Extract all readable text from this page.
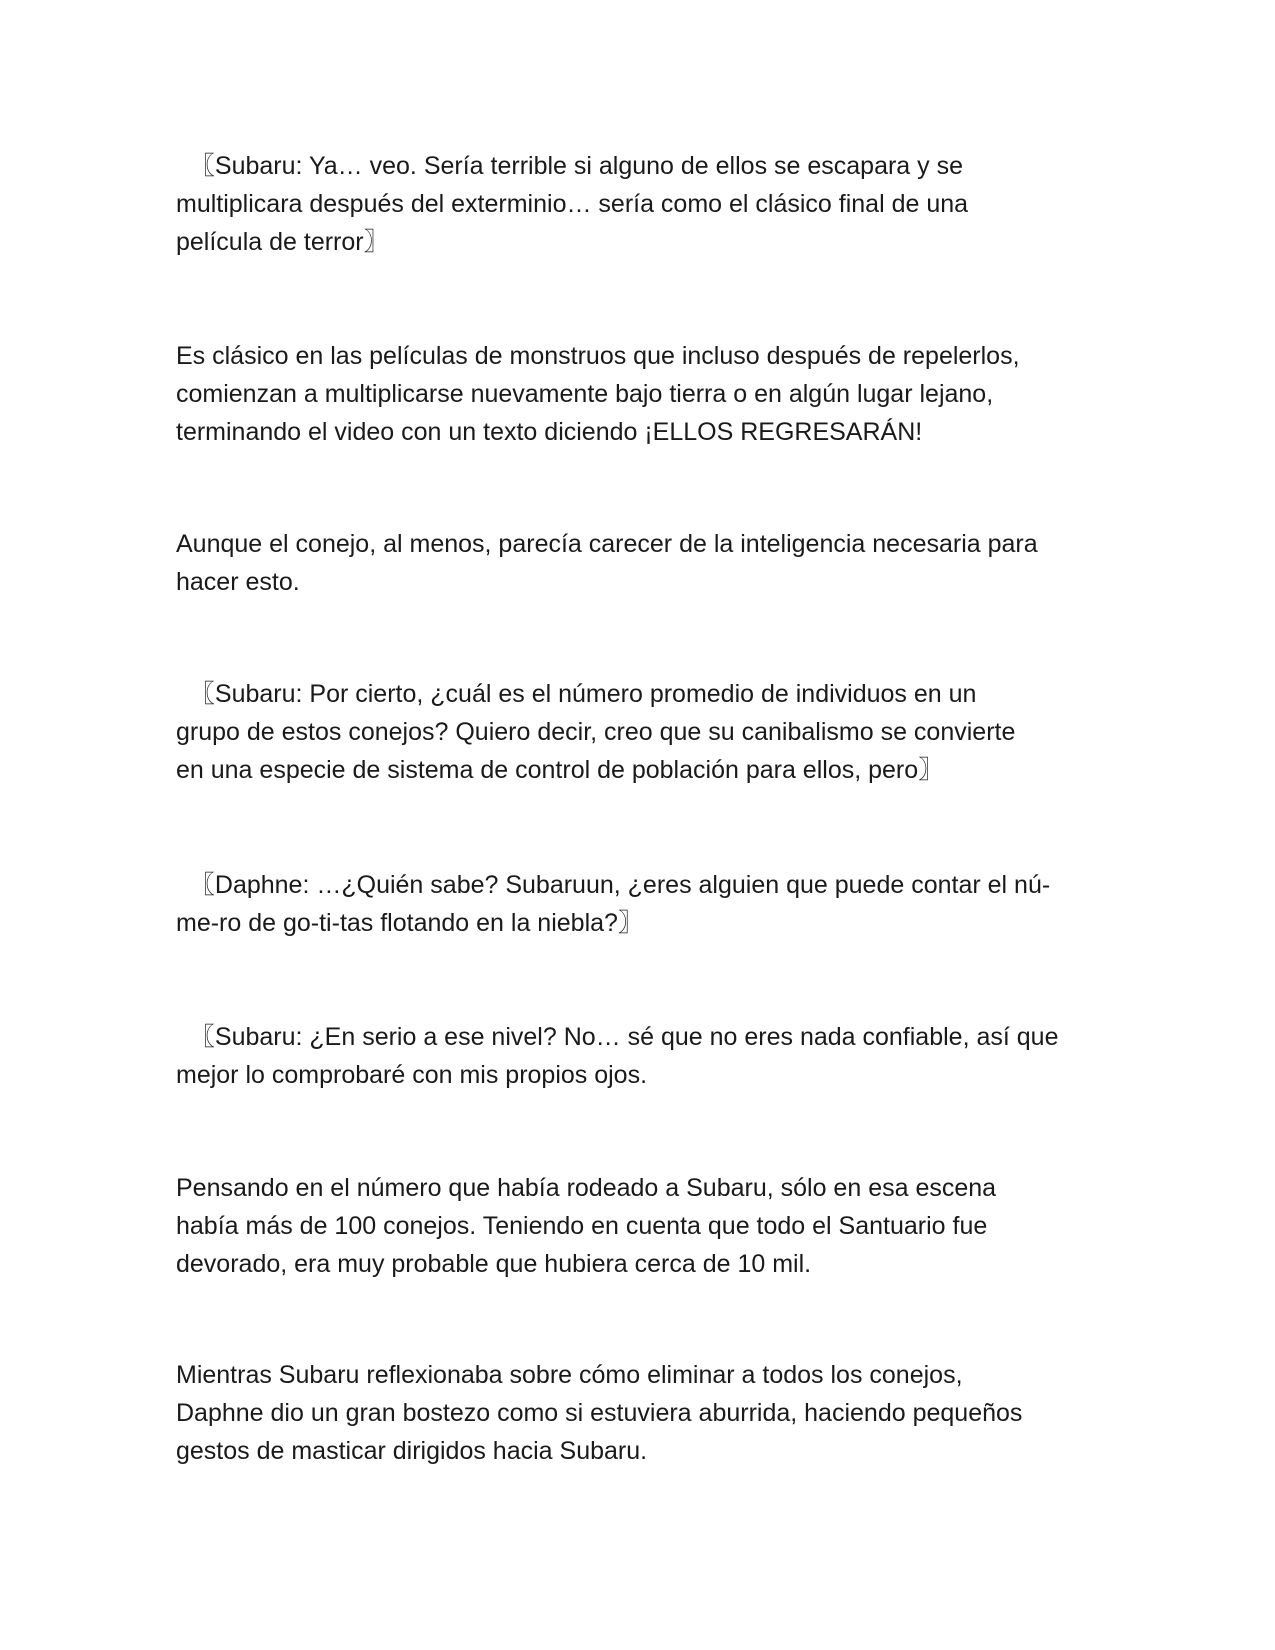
〖Subaru: Ya… veo. Sería terrible si alguno de ellos se escapara y se
multiplicara después del exterminio… sería como el clásico final de una
película de terror〗

Es clásico en las películas de monstruos que incluso después de repelerlos,
comienzan a multiplicarse nuevamente bajo tierra o en algún lugar lejano,
terminando el video con un texto diciendo ¡ELLOS REGRESARÁN!

Aunque el conejo, al menos, parecía carecer de la inteligencia necesaria para
hacer esto.

〖Subaru: Por cierto, ¿cuál es el número promedio de individuos en un
grupo de estos conejos? Quiero decir, creo que su canibalismo se convierte
en una especie de sistema de control de población para ellos, pero〗

〖Daphne: …¿Quién sabe? Subaruun, ¿eres alguien que puede contar el nú-
me-ro de go-ti-tas flotando en la niebla?〗

〖Subaru: ¿En serio a ese nivel? No… sé que no eres nada confiable, así que
mejor lo comprobaré con mis propios ojos.

Pensando en el número que había rodeado a Subaru, sólo en esa escena
había más de 100 conejos. Teniendo en cuenta que todo el Santuario fue
devorado, era muy probable que hubiera cerca de 10 mil.

Mientras Subaru reflexionaba sobre cómo eliminar a todos los conejos,
Daphne dio un gran bostezo como si estuviera aburrida, haciendo pequeños
gestos de masticar dirigidos hacia Subaru.
